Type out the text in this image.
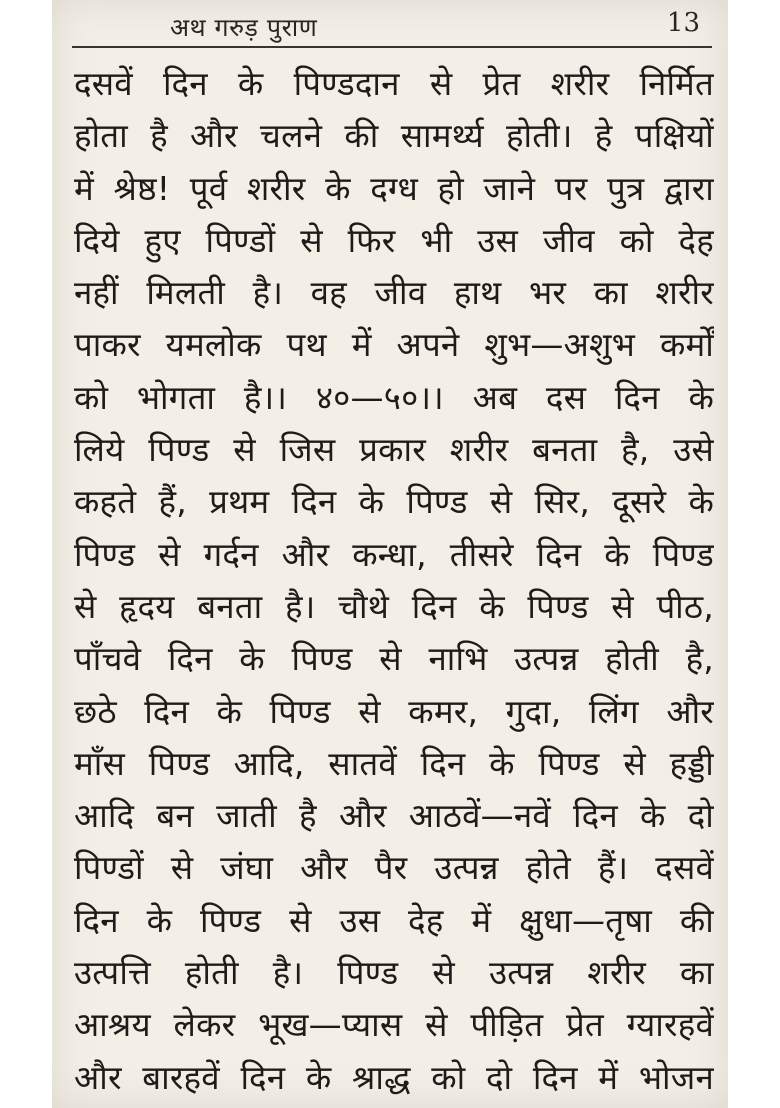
अथ गरुड़ पुराण	13
दसवें दिन के पिण्डदान से प्रेत शरीर निर्मित
होता है और चलने की सामर्थ्य होती। हे पक्षियों
में श्रेष्ठ! पूर्व शरीर के दग्ध हो जाने पर पुत्र द्वारा
दिये हुए पिण्डों से फिर भी उस जीव को देह
नहीं मिलती है। वह जीव हाथ भर का शरीर
पाकर यमलोक पथ में अपने शुभ—अशुभ कर्मों
को भोगता है।। ४०—५०।। अब दस दिन के
लिये पिण्ड से जिस प्रकार शरीर बनता है, उसे
कहते हैं, प्रथम दिन के पिण्ड से सिर, दूसरे के
पिण्ड से गर्दन और कन्धा, तीसरे दिन के पिण्ड
से हृदय बनता है। चौथे दिन के पिण्ड से पीठ,
पाँचवे दिन के पिण्ड से नाभि उत्पन्न होती है,
छठे दिन के पिण्ड से कमर, गुदा, लिंग और
माँस पिण्ड आदि, सातवें दिन के पिण्ड से हड्डी
आदि बन जाती है और आठवें—नवें दिन के दो
पिण्डों से जंघा और पैर उत्पन्न होते हैं। दसवें
दिन के पिण्ड से उस देह में क्षुधा—तृषा की
उत्पत्ति होती है। पिण्ड से उत्पन्न शरीर का
आश्रय लेकर भूख—प्यास से पीड़ित प्रेत ग्यारहवें
और बारहवें दिन के श्राद्ध को दो दिन में भोजन
